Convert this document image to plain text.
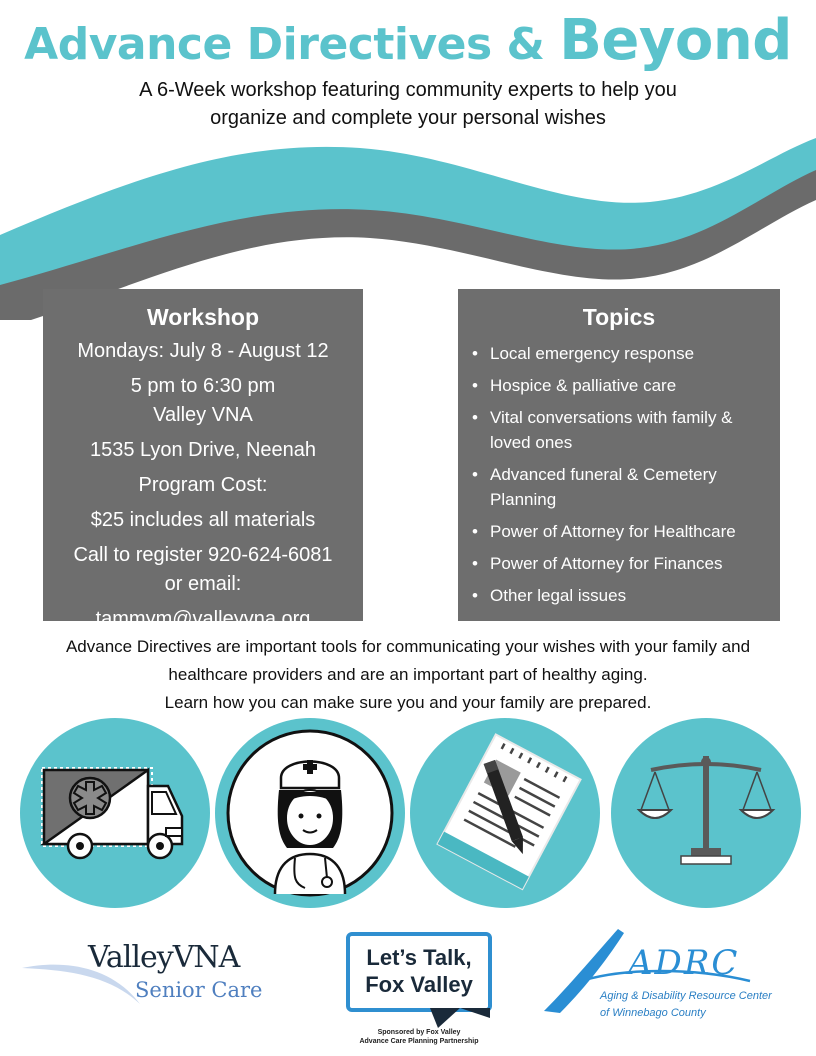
Advance Directives & Beyond
A 6-Week workshop featuring community experts to help you
organize and complete your personal wishes
Workshop
Mondays: July 8 - August 12
5 pm to 6:30 pm
Valley VNA
1535 Lyon Drive, Neenah
Program Cost:
$25 includes all materials
Call to register 920-624-6081
or email:
tammym@valleyvna.org
Topics
• Local emergency response
• Hospice & palliative care
• Vital conversations with family & loved ones
• Advanced funeral & Cemetery Planning
• Power of Attorney for Healthcare
• Power of Attorney for Finances
• Other legal issues
Advance Directives are important tools for communicating your wishes with your family and
healthcare providers and are an important part of healthy aging.
Learn how you can make sure you and your family are prepared.
ValleyVNA
Senior Care
Let’s Talk,
Fox Valley
Sponsored by Fox Valley
Advance Care Planning Partnership
ADRC
Aging & Disability Resource Center
of Winnebago County
